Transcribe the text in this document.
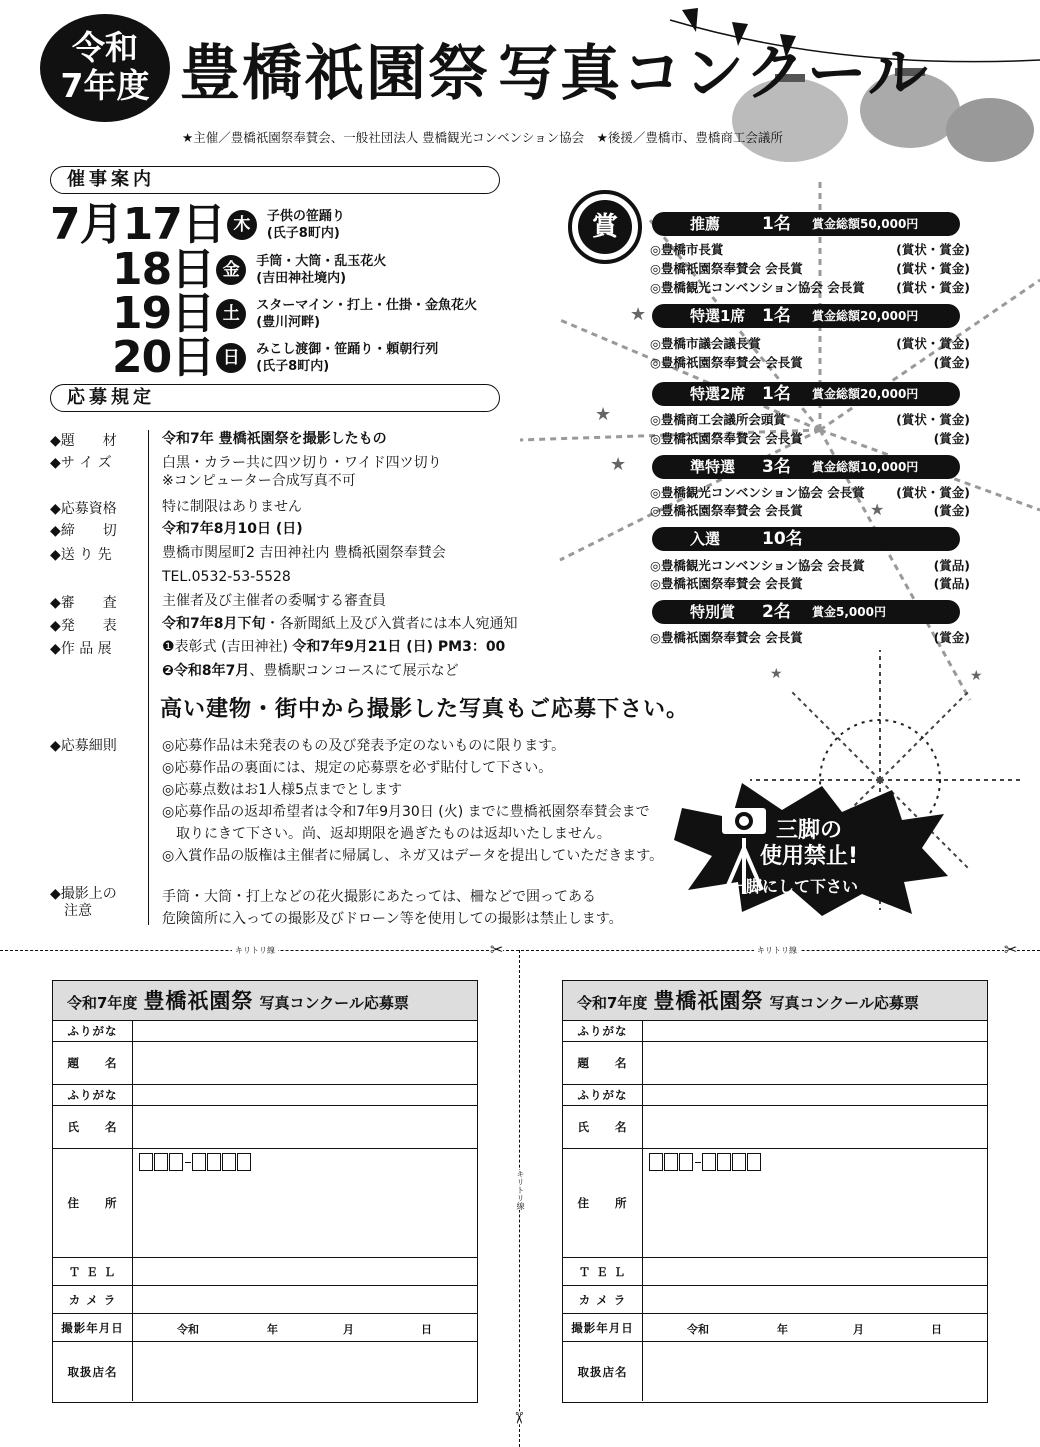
令和
7年度 豊橋祇園祭 写真コンクール
★主催／豊橋祇園祭奉賛会、一般社団法人 豊橋観光コンベンション協会　★後援／豊橋市、豊橋商工会議所
★
★
★
★
★	★
催事案内
7月17日 木	子供の笹踊り
(氏子8町内)
18日 金	手筒・大筒・乱玉花火
(吉田神社境内)
19日 土	スターマイン・打上・仕掛・金魚花火
(豊川河畔)
20日 日	みこし渡御・笹踊り・頼朝行列
(氏子8町内)
応募規定
◆題　　材	令和7年 豊橋祇園祭を撮影したもの
◆サ イ ズ	白黒・カラー共に四ツ切り・ワイド四ツ切り
※コンピューター合成写真不可
◆応募資格	特に制限はありません
◆締　　切	令和7年8月10日 (日)
◆送 り 先	豊橋市関屋町2 吉田神社内 豊橋祇園祭奉賛会
TEL.0532-53-5528
◆審　　査	主催者及び主催者の委嘱する審査員
◆発　　表	令和7年8月下旬・各新聞紙上及び入賞者には本人宛通知
◆作 品 展	❶表彰式 (吉田神社) 令和7年9月21日 (日) PM3：00
❷令和8年7月、豊橋駅コンコースにて展示など
◆応募細則	◎応募作品は未発表のもの及び発表予定のないものに限ります。
◎応募作品の裏面には、規定の応募票を必ず貼付して下さい。
◎応募点数はお1人様5点までとします
◎応募作品の返却希望者は令和7年9月30日 (火) までに豊橋祇園祭奉賛会まで
　取りにきて下さい。尚、返却期限を過ぎたものは返却いたしません。
◎入賞作品の版権は主催者に帰属し、ネガ又はデータを提出していただきます。
◆撮影上の
　注意
手筒・大筒・打上などの花火撮影にあたっては、柵などで囲ってある
危険箇所に入っての撮影及びドローン等を使用しての撮影は禁止します。
高い建物・街中から撮影した写真もご応募下さい。
賞	推薦 1名 賞金総額50,000円
◎豊橋市長賞	(賞状・賞金)
◎豊橋祇園祭奉賛会 会長賞	(賞状・賞金)
◎豊橋観光コンベンション協会 会長賞	(賞状・賞金)
特選1席 1名 賞金総額20,000円
◎豊橋市議会議長賞	(賞状・賞金)
◎豊橋祇園祭奉賛会 会長賞	(賞金)
特選2席 1名 賞金総額20,000円
◎豊橋商工会議所会頭賞	(賞状・賞金)
◎豊橋祇園祭奉賛会 会長賞	(賞金)
準特選 3名 賞金総額10,000円
◎豊橋観光コンベンション協会 会長賞	(賞状・賞金)
◎豊橋祇園祭奉賛会 会長賞	(賞金)
入選 10名
◎豊橋観光コンベンション協会 会長賞	(賞品)
◎豊橋祇園祭奉賛会 会長賞	(賞品)
特別賞 2名 賞金5,000円
◎豊橋祇園祭奉賛会 会長賞	(賞金)
三脚の
使用禁止!
一脚にして下さい
キリトリ線	キリトリ線
キリトリ線
✂	✂
✂
令和7年度 豊橋祇園祭 写真コンクール応募票
ふりがな
題　　名
ふりがな
氏　　名
住　　所
Ｔ Ｅ Ｌ
カ メ ラ
撮影年月日	令和	年	月	日
取扱店名
令和7年度 豊橋祇園祭 写真コンクール応募票
ふりがな
題　　名
ふりがな
氏　　名
住　　所
Ｔ Ｅ Ｌ
カ メ ラ
撮影年月日	令和	年	月	日
取扱店名
